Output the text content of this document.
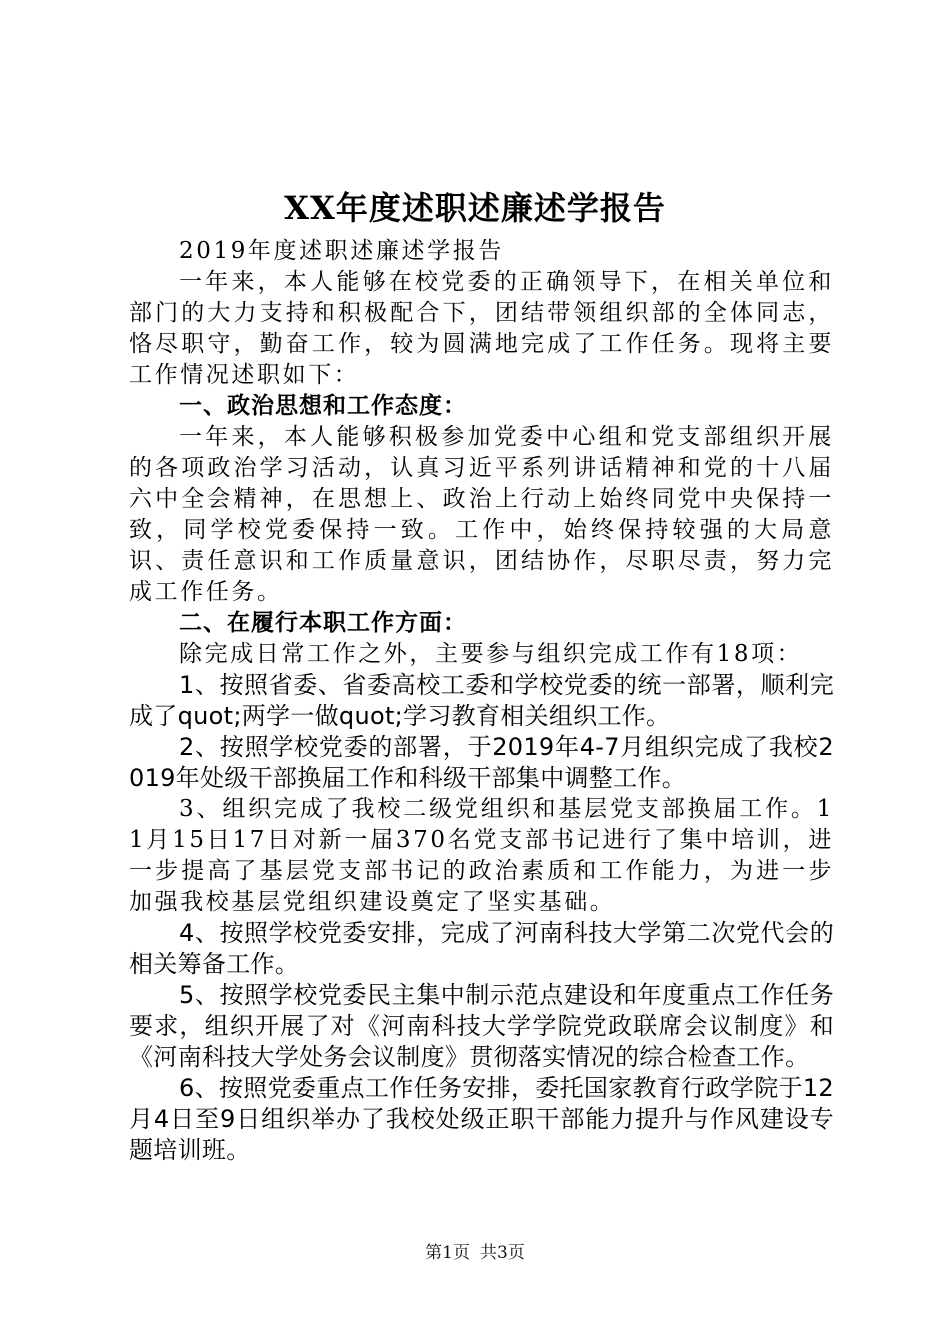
XX年度述职述廉述学报告

2019年度述职述廉述学报告

一年来，本人能够在校党委的正确领导下，在相关单位和部门的大力支持和积极配合下，团结带领组织部的全体同志，恪尽职守，勤奋工作，较为圆满地完成了工作任务。现将主要工作情况述职如下：

一、政治思想和工作态度：

一年来，本人能够积极参加党委中心组和党支部组织开展的各项政治学习活动，认真习近平系列讲话精神和党的十八届六中全会精神，在思想上、政治上行动上始终同党中央保持一致，同学校党委保持一致。工作中，始终保持较强的大局意识、责任意识和工作质量意识，团结协作，尽职尽责，努力完成工作任务。

二、在履行本职工作方面：

除完成日常工作之外，主要参与组织完成工作有18项：

1、按照省委、省委高校工委和学校党委的统一部署，顺利完成了quot;两学一做quot;学习教育相关组织工作。

2、按照学校党委的部署，于2019年4-7月组织完成了我校2019年处级干部换届工作和科级干部集中调整工作。

3、组织完成了我校二级党组织和基层党支部换届工作。11月15日17日对新一届370名党支部书记进行了集中培训，进一步提高了基层党支部书记的政治素质和工作能力，为进一步加强我校基层党组织建设奠定了坚实基础。

4、按照学校党委安排，完成了河南科技大学第二次党代会的相关筹备工作。

5、按照学校党委民主集中制示范点建设和年度重点工作任务要求，组织开展了对《河南科技大学学院党政联席会议制度》和《河南科技大学处务会议制度》贯彻落实情况的综合检查工作。

6、按照党委重点工作任务安排，委托国家教育行政学院于12月4日至9日组织举办了我校处级正职干部能力提升与作风建设专题培训班。

第1页 共3页
